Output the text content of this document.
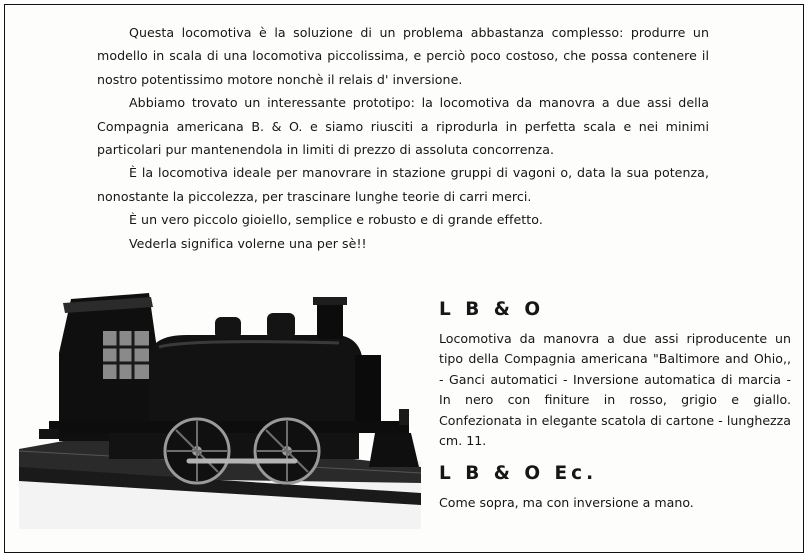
Questa locomotiva è la soluzione di un problema abbastanza complesso: produrre un modello in scala di una locomotiva piccolissima, e perciò poco costoso, che possa contenere il nostro potentissimo motore nonchè il relais d' inversione.

Abbiamo trovato un interessante prototipo: la locomotiva da manovra a due assi della Compagnia americana B. & O. e siamo riusciti a riprodurla in perfetta scala e nei minimi particolari pur mantenendola in limiti di prezzo di assoluta concorrenza.

È la locomotiva ideale per manovrare in stazione gruppi di vagoni o, data la sua potenza, nonostante la piccolezza, per trascinare lunghe teorie di carri merci.

È un vero piccolo gioiello, semplice e robusto e di grande effetto.

Vederla significa volerne una per sè!!

L B & O

Locomotiva da manovra a due assi riproducente un tipo della Compagnia americana "Baltimore and Ohio,, - Ganci automatici - Inversione automatica di marcia - In nero con finiture in rosso, grigio e giallo. Confezionata in elegante scatola di cartone - lunghezza cm. 11.

L B & O Ec.

Come sopra, ma con inversione a mano.
